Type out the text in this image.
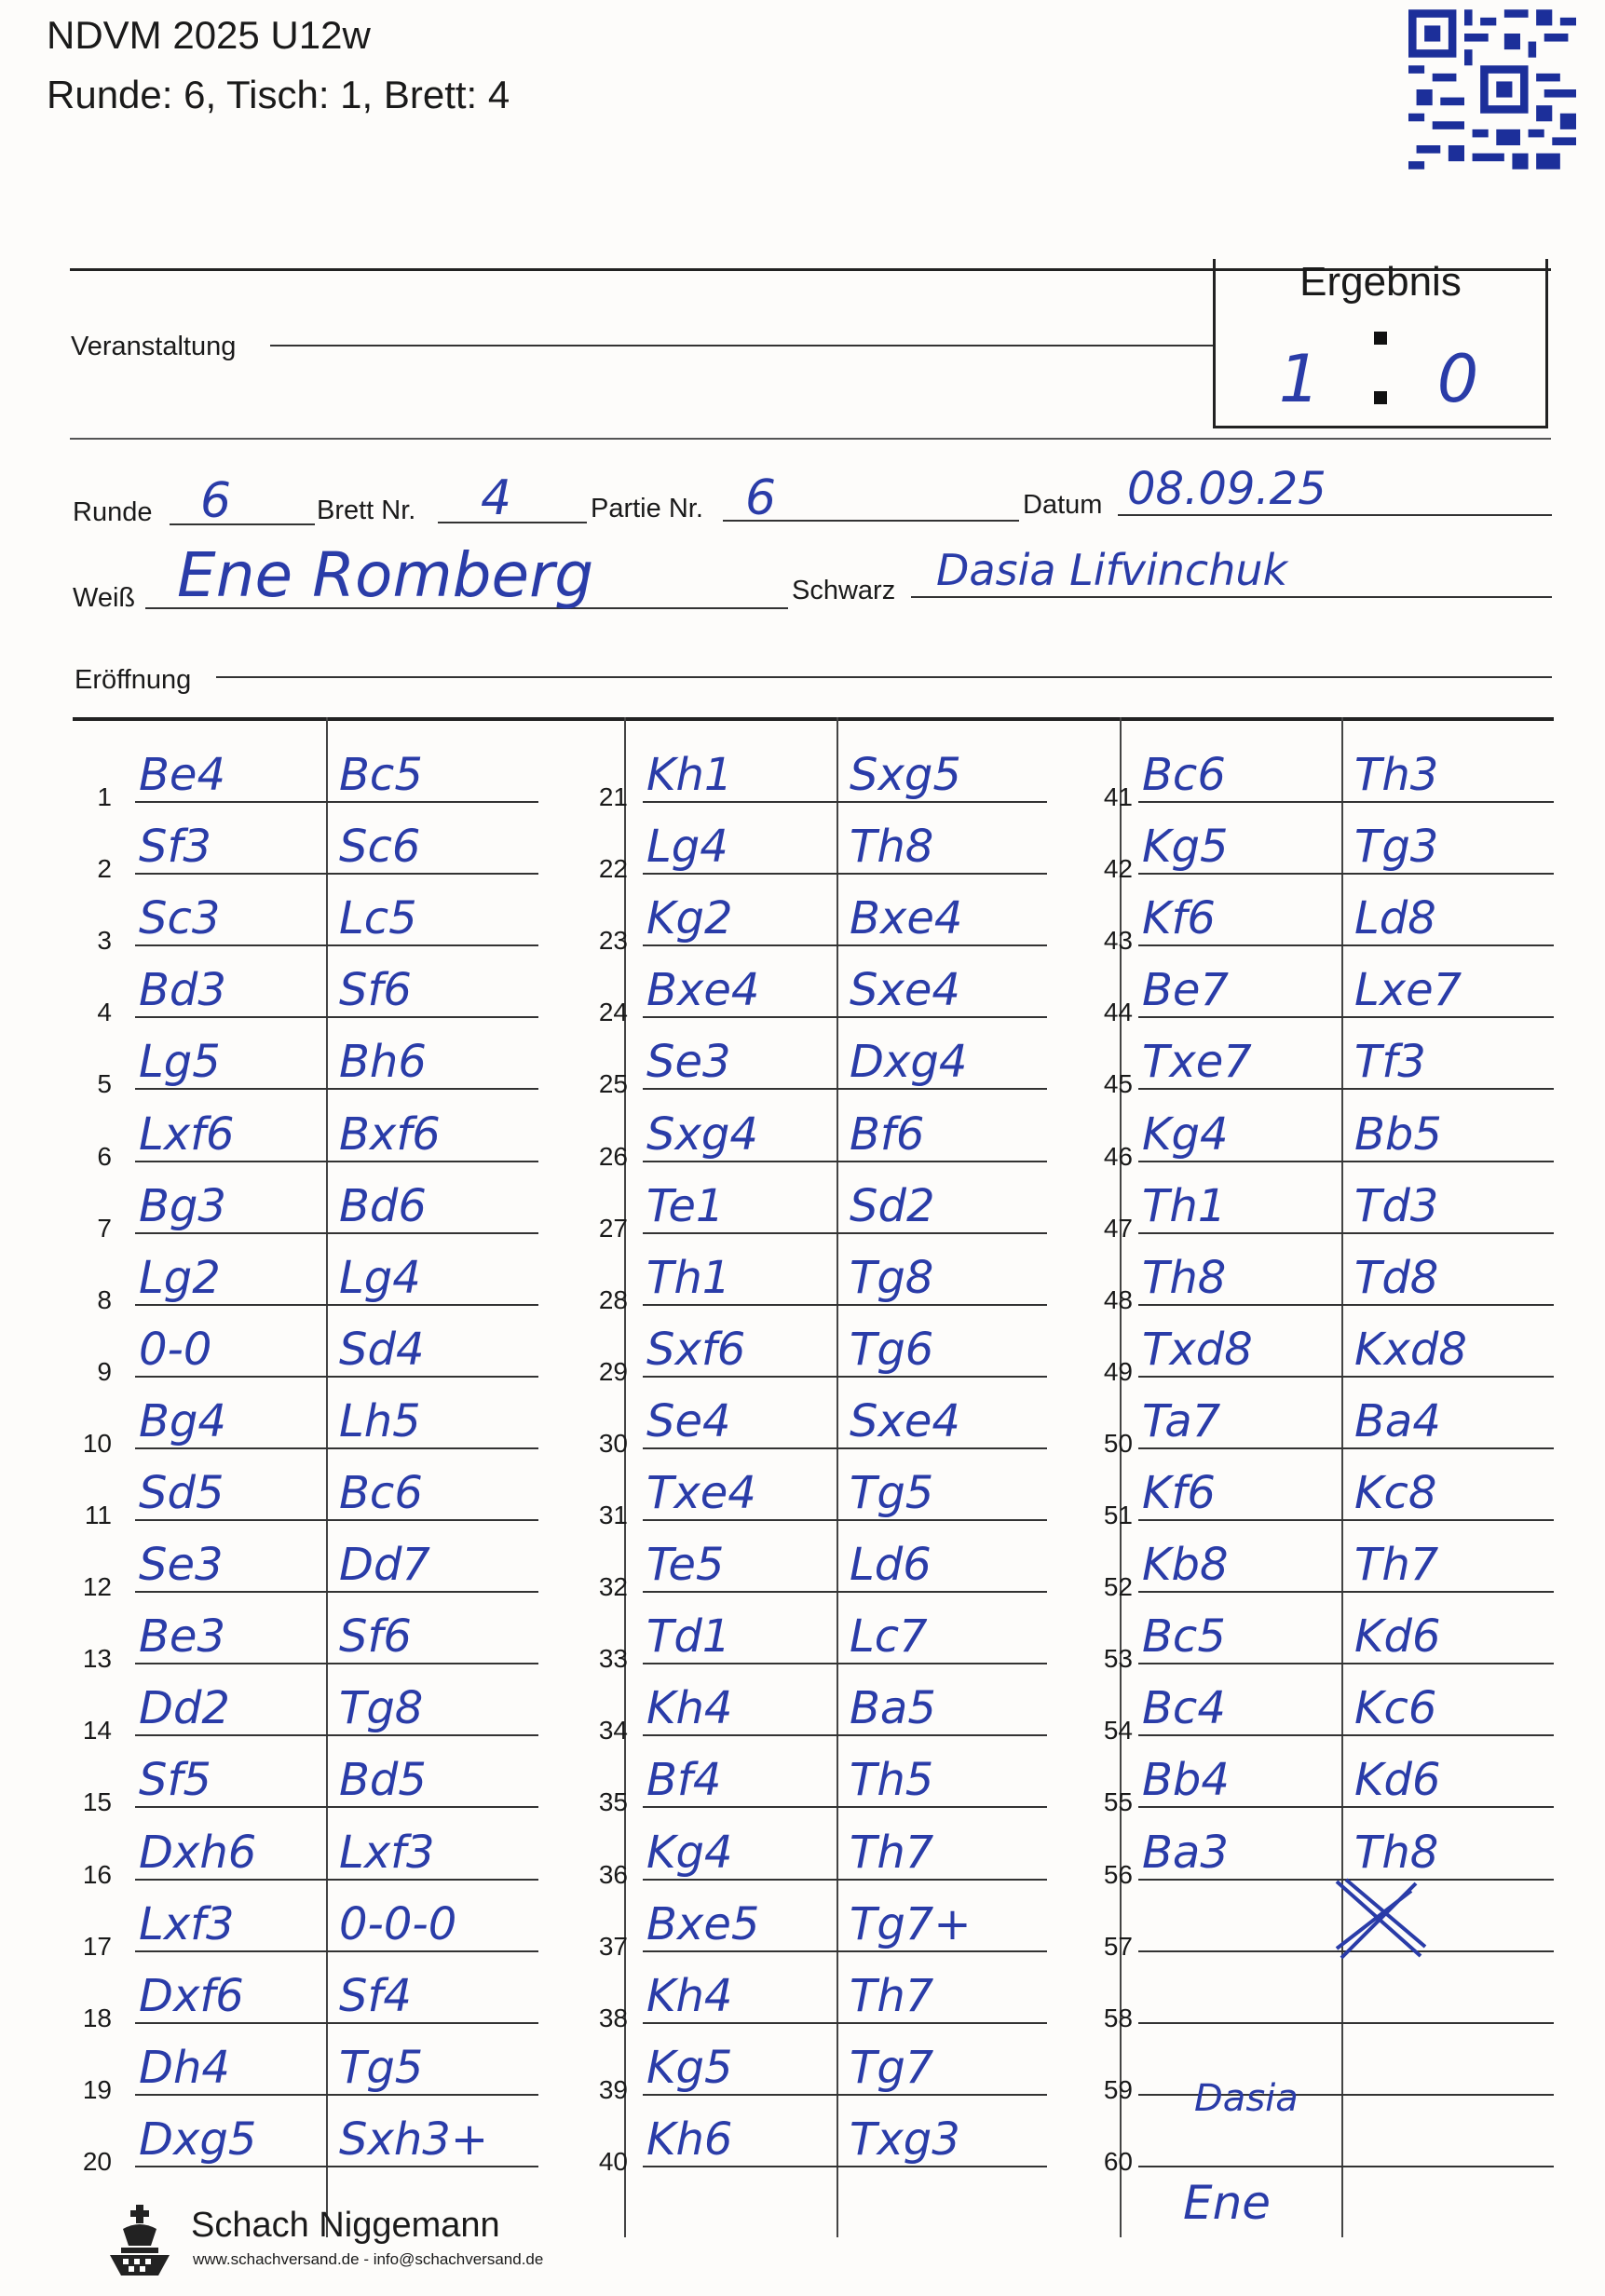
NDVM 2025 U12w
Runde: 6, Tisch: 1, Brett: 4
Ergebnis
1	0
Veranstaltung
Runde 6	Brett Nr. 4	Partie Nr. 6	Datum 08.09.25
Weiß Ene Romberg	Schwarz Dasia Lifvinchuk
Eröffnung
1 Be4	Bc5
2 Sf3	Sc6
3 Sc3	Lc5
4 Bd3	Sf6
5 Lg5	Bh6
6 Lxf6 Bxf6
7 Bg3	Bd6
8 Lg2	Lg4
9 0-0	Sd4
10 Bg4	Lh5
11 Sd5	Bc6
12 Se3	Dd7
13 Be3	Sf6
14 Dd2 Tg8
15 Sf5	Bd5
16 Dxh6 Lxf3
17 Lxf3 0-0-0
18 Dxf6 Sf4
19 Dh4 Tg5
20 Dxg5 Sxh3+
21 Kh1	Sxg5
22 Lg4	Th8
23 Kg2	Bxe4
24 Bxe4 Sxe4
25 Se3	Dxg4
26 Sxg4 Bf6
27 Te1	Sd2
28 Th1	Tg8
29 Sxf6 Tg6
30 Se4	Sxe4
31 Txe4 Tg5
32 Te5	Ld6
33 Td1	Lc7
34 Kh4	Ba5
35 Bf4	Th5
36 Kg4	Th7
37 Bxe5 Tg7+
38 Kh4	Th7
39 Kg5	Tg7
40 Kh6	Txg3
41 Bc6	Th3
42 Kg5	Tg3
43 Kf6	Ld8
44 Be7	Lxe7
45 Txe7 Tf3
46 Kg4	Bb5
47 Th1	Td3
48 Th8	Td8
49 Txd8 Kxd8
50 Ta7	Ba4
51 Kf6	Kc8
52 Kb8	Th7
53 Bc5	Kd6
54 Bc4	Kc6
55 Bb4	Kd6
56 Ba3	Th8
57
58
59
60
Dasia
Ene
Schach Niggemann
www.schachversand.de - info@schachversand.de
